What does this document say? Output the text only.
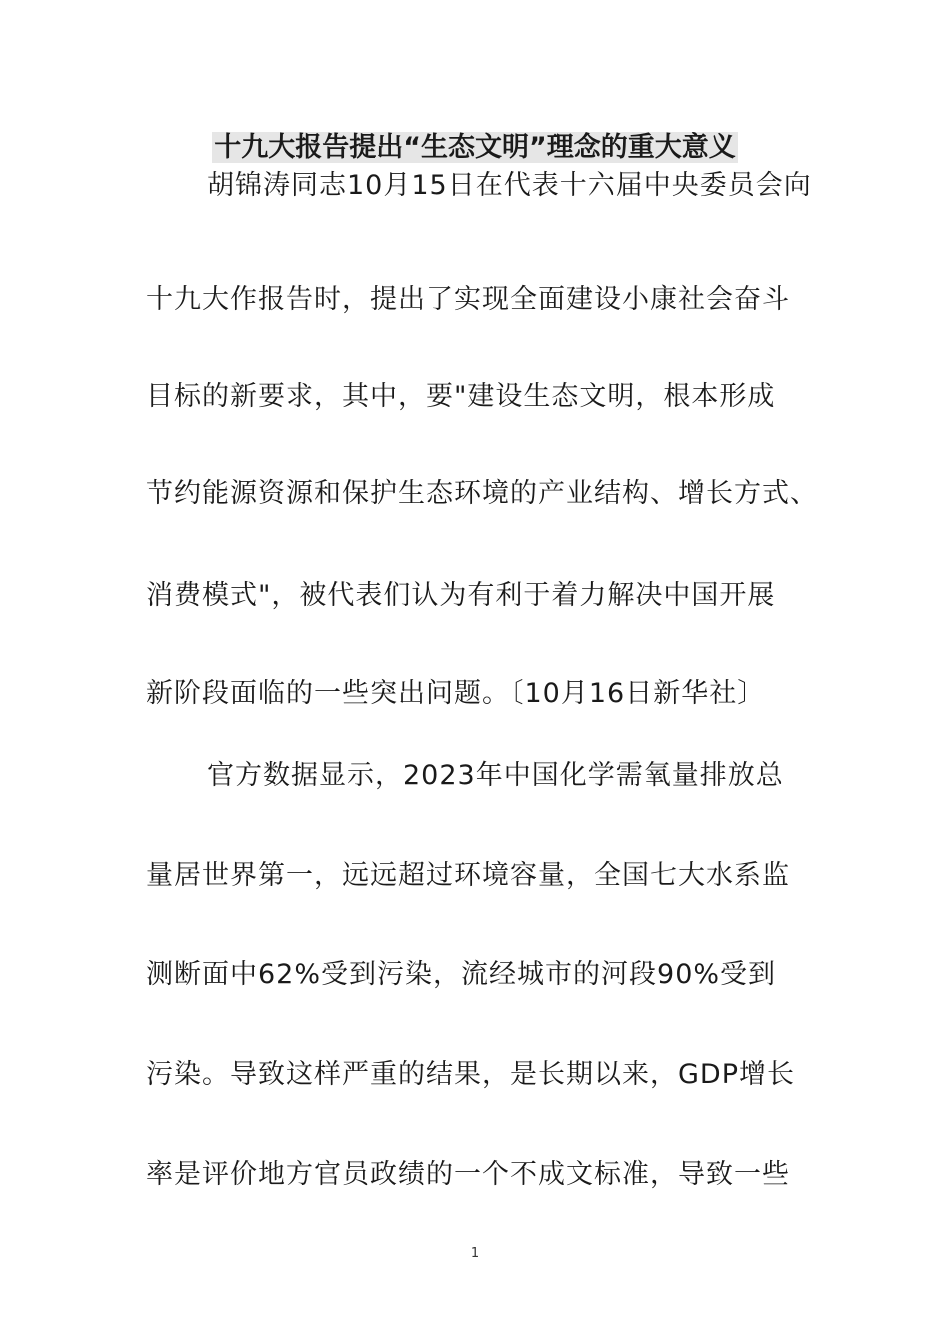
十九大报告提出“生态文明”理念的重大意义
胡锦涛同志10月15日在代表十六届中央委员会向
十九大作报告时，提出了实现全面建设小康社会奋斗
目标的新要求，其中，要"建设生态文明，根本形成
节约能源资源和保护生态环境的产业结构、增长方式、
消费模式"，被代表们认为有利于着力解决中国开展
新阶段面临的一些突出问题。〔10月16日新华社〕
官方数据显示，2023年中国化学需氧量排放总
量居世界第一，远远超过环境容量，全国七大水系监
测断面中62%受到污染，流经城市的河段90%受到
污染。导致这样严重的结果，是长期以来，GDP增长
率是评价地方官员政绩的一个不成文标准，导致一些
1
